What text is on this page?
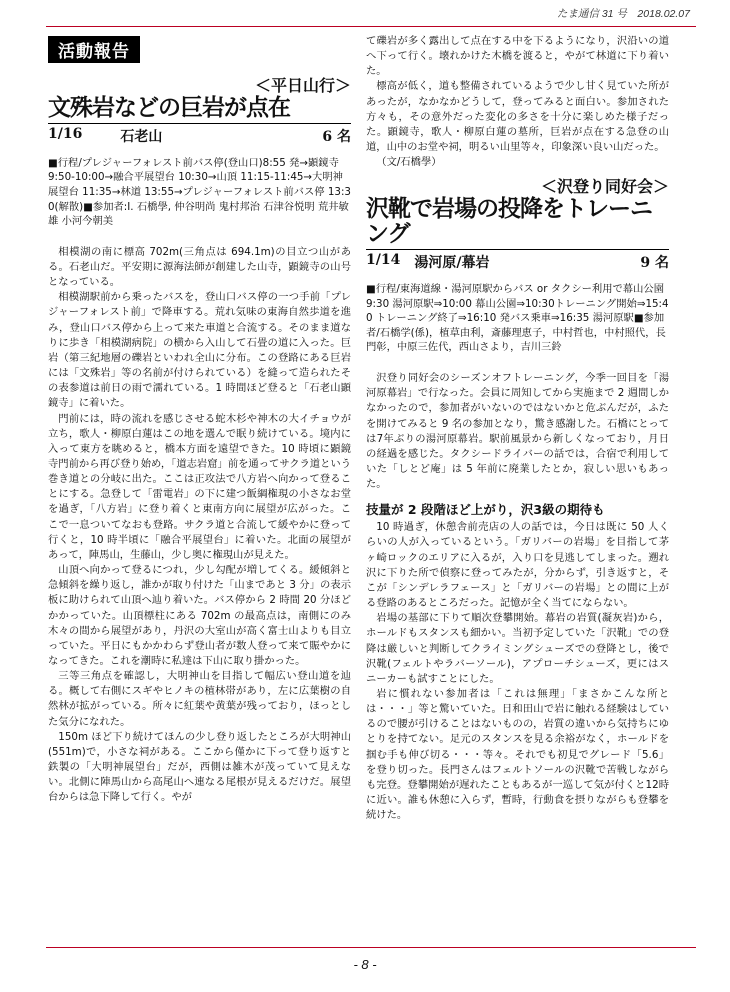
たま通信 31 号　2018.02.07
活動報告
＜平日山行＞
文殊岩などの巨岩が点在
1/16	石老山	6 名
■行程/プレジャーフォレスト前バス停(登山口)8:55 発→顕鏡寺 9:50-10:00→融合平展望台 10:30→山頂 11:15-11:45→大明神展望台 11:35→林道 13:55→プレジャーフォレスト前バス停 13:30(解散)■参加者:I. 石橋學, 仲谷明尚 鬼村邦治 石津谷悦明 荒井敏雄 小河今朝美

相模湖の南に標高 702m(三角点は 694.1m)の目立つ山がある。石老山だ。平安期に源海法師が創建した山寺，顕鏡寺の山号となっている。

相模湖駅前から乗ったバスを，登山口バス停の一つ手前「プレジャーフォレスト前」で降車する。荒れ気味の東海自然歩道を進み，登山口バス停から上って来た車道と合流する。そのまま道なりに歩き「相模湖病院」の横から入山して石畳の道に入った。巨岩（第三紀地層の礫岩といわれ全山に分布。この登路にある巨岩には「文殊岩」等の名前が付けられている）を縫って造られたその表参道は前日の雨で濡れている。1 時間ほど登ると「石老山顕鏡寺」に着いた。

門前には，時の流れを感じさせる蛇木杉や神木の大イチョウが立ち，歌人・柳原白蓮はこの地を選んで眠り続けている。境内に入って東方を眺めると，橋本方面を遠望できた。10 時頃に顕鏡寺門前から再び登り始め，「道志岩窟」前を通ってサクラ道という巻き道との分岐に出た。ここは正攻法で八方岩へ向かって登ることにする。急登して「雷電岩」の下に建つ飯綱権現の小さなお堂を過ぎ，「八方岩」に登り着くと東南方向に展望が広がった。ここで一息ついてなおも登路。サクラ道と合流して緩やかに登って行くと，10 時半頃に「融合平展望台」に着いた。北面の展望があって，陣馬山，生藤山，少し奥に権現山が見えた。

山頂へ向かって登るにつれ，少し勾配が増してくる。緩傾斜と急傾斜を繰り返し，誰かが取り付けた「山まであと 3 分」の表示板に助けられて山頂へ辿り着いた。バス停から 2 時間 20 分ほどかかっていた。山頂標柱にある 702m の最高点は，南側にのみ木々の間から展望があり，丹沢の大室山が高く富士山よりも目立っていた。平日にもかかわらず登山者が数人登って来て賑やかになってきた。これを潮時に私達は下山に取り掛かった。

三等三角点を確認し，大明神山を目指して幅広い登山道を辿る。概して右側にスギやヒノキの植林帯があり，左に広葉樹の自然林が拡がっている。所々に紅葉や黄葉が残っており，ほっとした気分になれた。

150m ほど下り続けてほんの少し登り返したところが大明神山(551m)で，小さな祠がある。ここから僅かに下って登り返すと鉄製の「大明神展望台」だが，西側は雑木が茂っていて見えない。北側に陣馬山から高尾山へ連なる尾根が見えるだけだ。展望台からは急下降して行く。やが

て礫岩が多く露出して点在する中を下るようになり，沢沿いの道へ下って行く。壊れかけた木橋を渡ると，やがて林道に下り着いた。

標高が低く，道も整備されているようで少し甘く見ていた所があったが，なかなかどうして，登ってみると面白い。参加された方々も，その意外だった変化の多さを十分に楽しめた様子だった。顕鏡寺，歌人・柳原白蓮の墓所，巨岩が点在する急登の山道，山中のお堂や祠，明るい山里等々，印象深い良い山だった。

（文/石橋學）

＜沢登り同好会＞
沢靴で岩場の投降をトレーニング
1/14	湯河原/幕岩	9 名
■行程/東海道線・湯河原駅からバス or タクシー利用で幕山公園 9:30 湯河原駅⇒10:00 幕山公園⇒10:30トレーニング開始⇒15:40 トレーニング終了⇒16:10 発バス乗車⇒16:35 湯河原駅■参加者/石橋学(係)，植草由利，斎藤理恵子，中村哲也，中村照代，長門彰，中原三佐代，西山さより，吉川三鈴

沢登り同好会のシーズンオフトレーニング，今季一回目を「湯河原幕岩」で行なった。会員に周知してから実施まで 2 週間しかなかったので，参加者がいないのではないかと危ぶんだが，ふたを開けてみると 9 名の参加となり，驚き感謝した。石橋にとっては7年ぶりの湯河原幕岩。駅前風景から新しくなっており，月日の経過を感じた。タクシードライバーの話では，合宿で利用していた「しとど庵」は 5 年前に廃業したとか，寂しい思いもあった。

技量が 2 段階ほど上がり，沢3級の期待も

10 時過ぎ，休憩舎前売店の人の話では，今日は既に 50 人くらいの人が入っているという。「ガリバーの岩場」を目指して茅ヶ崎ロックのエリアに入るが，入り口を見逃してしまった。遡れ沢に下りた所で偵察に登ってみたが，分からず，引き返すと，そこが「シンデレラフェース」と「ガリバーの岩場」との間に上がる登路のあるところだった。記憶が全く当てにならない。

岩場の基部に下りて順次登攀開始。幕岩の岩質(凝灰岩)から，ホールドもスタンスも細かい。当初予定していた「沢靴」での登降は厳しいと判断してクライミングシューズでの登降とし，後で沢靴(フェルトやラバーソール)，アプローチシューズ，更にはスニーカーも試すことにした。

岩に慣れない参加者は「これは無理」「まさかこんな所とは・・・」等と驚いていた。日和田山で岩に触れる経験はしているので腰が引けることはないものの，岩質の違いから気持ちにゆとりを持てない。足元のスタンスを見る余裕がなく，ホールドを掴む手も伸び切る・・・等々。それでも初見でグレード「5.6」を登り切った。長門さんはフェルトソールの沢靴で苦戦しながらも完登。登攀開始が遅れたこともあるが一巡して気が付くと12時に近い。誰も休憩に入らず，暫時，行動食を摂りながらも登攀を続けた。

- 8 -
